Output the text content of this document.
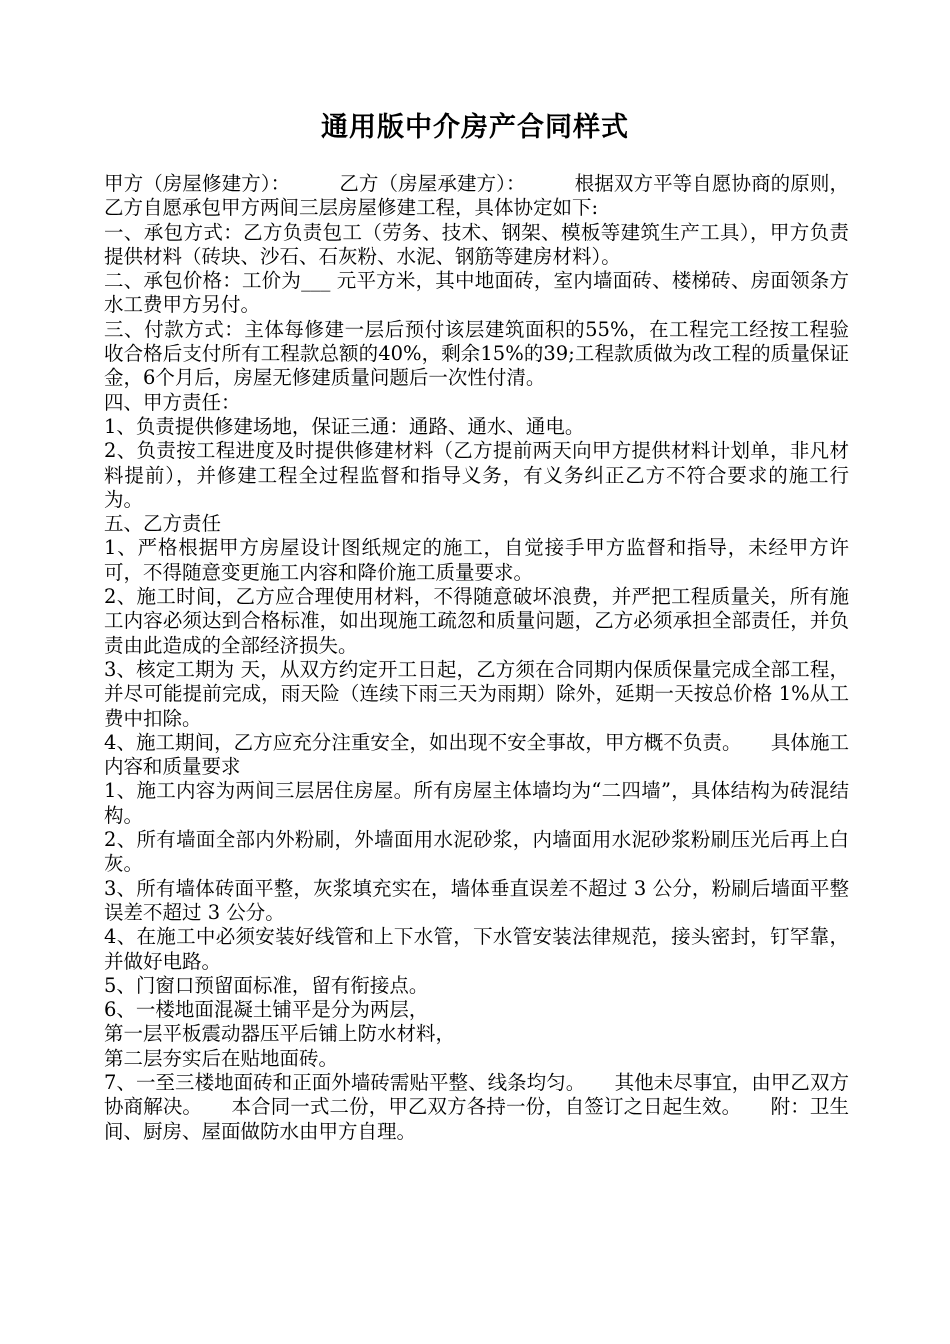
通用版中介房产合同样式
甲方（房屋修建方）：　　　乙方（房屋承建方）：　　　根据双方平等自愿协商的原则，乙方自愿承包甲方两间三层房屋修建工程，具体协定如下:
一、承包方式：乙方负责包工（劳务、技术、钢架、模板等建筑生产工具），甲方负责提供材料（砖块、沙石、石灰粉、水泥、钢筋等建房材料）。
二、承包价格：工价为___ 元平方米，其中地面砖，室内墙面砖、楼梯砖、房面领条方水工费甲方另付。
三、付款方式：主体每修建一层后预付该层建筑面积的55%，在工程完工经按工程验收合格后支付所有工程款总额的40%，剩余15%的39;工程款质做为改工程的质量保证金，6个月后，房屋无修建质量问题后一次性付清。
四、甲方责任：
1、负责提供修建场地，保证三通：通路、通水、通电。
2、负责按工程进度及时提供修建材料（乙方提前两天向甲方提供材料计划单，非凡材料提前），并修建工程全过程监督和指导义务，有义务纠正乙方不符合要求的施工行为。
五、乙方责任
1、严格根据甲方房屋设计图纸规定的施工，自觉接手甲方监督和指导，未经甲方许可，不得随意变更施工内容和降价施工质量要求。
2、施工时间，乙方应合理使用材料，不得随意破坏浪费，并严把工程质量关，所有施工内容必须达到合格标准，如出现施工疏忽和质量问题，乙方必须承担全部责任，并负责由此造成的全部经济损失。
3、核定工期为 天，从双方约定开工日起，乙方须在合同期内保质保量完成全部工程，并尽可能提前完成，雨天险（连续下雨三天为雨期）除外，延期一天按总价格 1%从工费中扣除。
4、施工期间，乙方应充分注重安全，如出现不安全事故，甲方概不负责。　　具体施工内容和质量要求
1、施工内容为两间三层居住房屋。所有房屋主体墙均为“二四墙”，具体结构为砖混结构。
2、所有墙面全部内外粉刷，外墙面用水泥砂浆，内墙面用水泥砂浆粉刷压光后再上白灰。
3、所有墙体砖面平整，灰浆填充实在，墙体垂直误差不超过 3 公分，粉刷后墙面平整误差不超过 3 公分。
4、在施工中必须安装好线管和上下水管，下水管安装法律规范，接头密封，钉罕靠，并做好电路。
5、门窗口预留面标准，留有衔接点。
6、一楼地面混凝土铺平是分为两层，
第一层平板震动器压平后铺上防水材料，
第二层夯实后在贴地面砖。
7、一至三楼地面砖和正面外墙砖需贴平整、线条均匀。　　其他未尽事宜，由甲乙双方协商解决。　　本合同一式二份，甲乙双方各持一份，自签订之日起生效。　　附：卫生间、厨房、屋面做防水由甲方自理。
